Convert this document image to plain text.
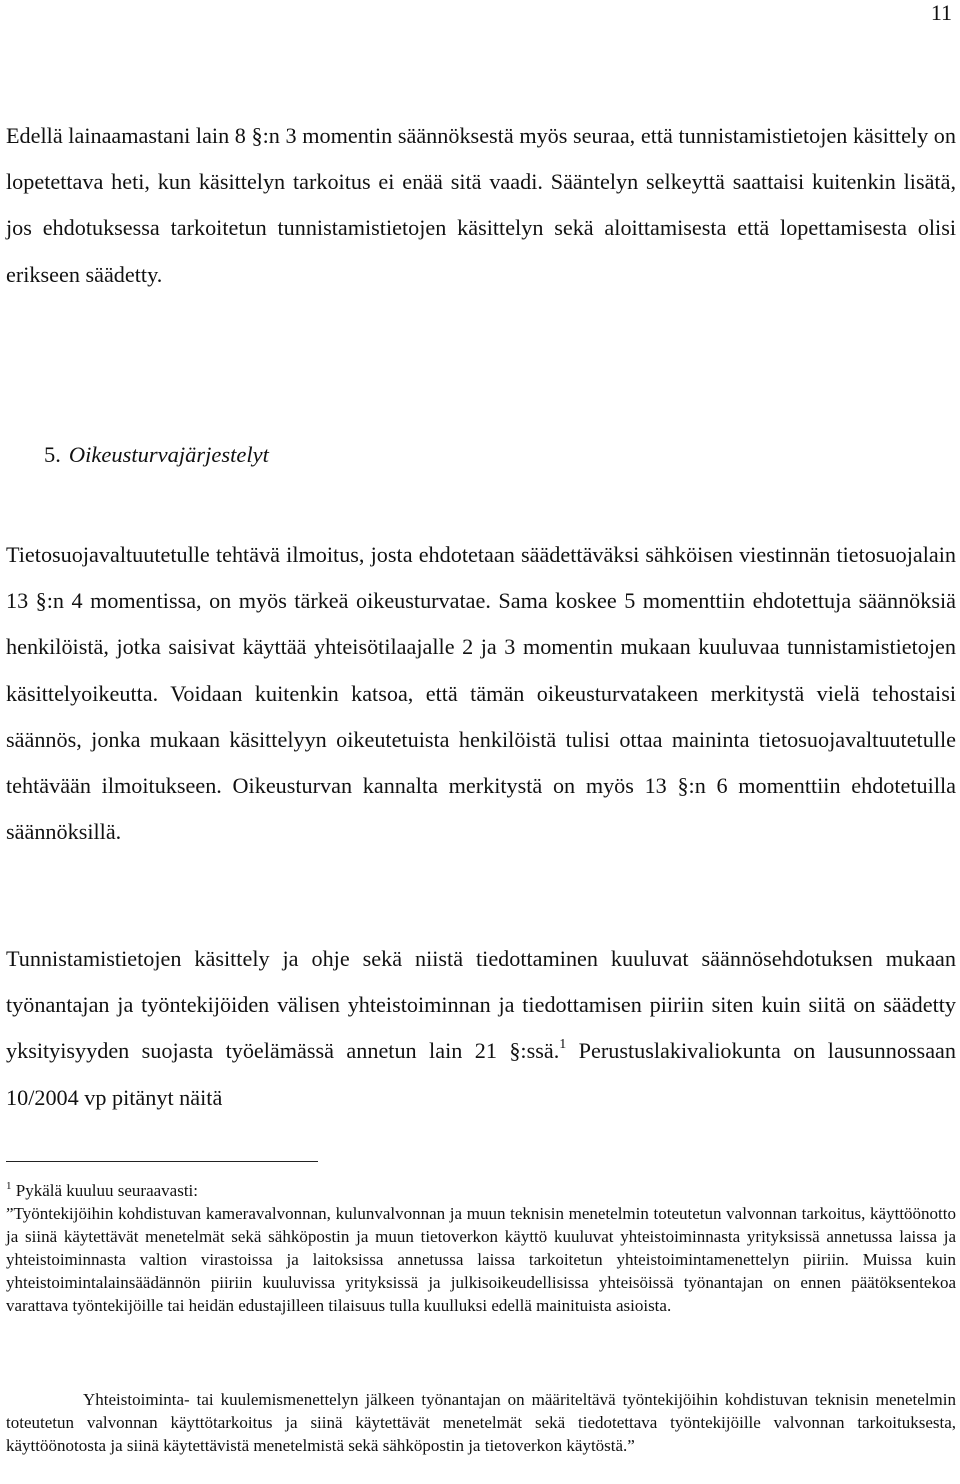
11

Edellä lainaamastani lain 8 §:n 3 momentin säännöksestä myös seuraa, että tunnistamistietojen käsittely on lopetettava heti, kun käsittelyn tarkoitus ei enää sitä vaadi. Sääntelyn selkeyttä saattaisi kuitenkin lisätä, jos ehdotuksessa tarkoitetun tunnistamistietojen käsittelyn sekä aloittamisesta että lopettamisesta olisi erikseen säädetty.

5. Oikeusturvajärjestelyt

Tietosuojavaltuutetulle tehtävä ilmoitus, josta ehdotetaan säädettäväksi sähköisen viestinnän tietosuojalain 13 §:n 4 momentissa, on myös tärkeä oikeusturvatae. Sama koskee 5 momenttiin ehdotettuja säännöksiä henkilöistä, jotka saisivat käyttää yhteisötilaajalle 2 ja 3 momentin mukaan kuuluvaa tunnistamistietojen käsittelyoikeutta. Voidaan kuitenkin katsoa, että tämän oikeusturvatakeen merkitystä vielä tehostaisi säännös, jonka mukaan käsittelyyn oikeutetuista henkilöistä tulisi ottaa maininta tietosuojavaltuutetulle tehtävään ilmoitukseen. Oikeusturvan kannalta merkitystä on myös 13 §:n 6 momenttiin ehdotetuilla säännöksillä.

Tunnistamistietojen käsittely ja ohje sekä niistä tiedottaminen kuuluvat säännösehdotuksen mukaan työnantajan ja työntekijöiden välisen yhteistoiminnan ja tiedottamisen piiriin siten kuin siitä on säädetty yksityisyyden suojasta työelämässä annetun lain 21 §:ssä.$^1$ Perustuslakivaliokunta on lausunnossaan 10/2004 vp pitänyt näitä

$^1$ Pykälä kuuluu seuraavasti:
”Työntekijöihin kohdistuvan kameravalvonnan, kulunvalvonnan ja muun teknisin menetelmin toteutetun valvonnan tarkoitus, käyttöönotto ja siinä käytettävät menetelmät sekä sähköpostin ja muun tietoverkon käyttö kuuluvat yhteistoiminnasta yrityksissä annetussa laissa ja yhteistoiminnasta valtion virastoissa ja laitoksissa annetussa laissa tarkoitetun yhteistoimintamenettelyn piiriin. Muissa kuin yhteistoimintalainsäädännön piiriin kuuluvissa yrityksissä ja julkisoikeudellisissa yhteisöissä työnantajan on ennen päätöksentekoa varattava työntekijöille tai heidän edustajilleen tilaisuus tulla kuulluksi edellä mainituista asioista.

Yhteistoiminta- tai kuulemismenettelyn jälkeen työnantajan on määriteltävä työntekijöihin kohdistuvan teknisin menetelmin toteutetun valvonnan käyttötarkoitus ja siinä käytettävät menetelmät sekä tiedotettava työntekijöille valvonnan tarkoituksesta, käyttöönotosta ja siinä käytettävistä menetelmistä sekä sähköpostin ja tietoverkon käytöstä.”
